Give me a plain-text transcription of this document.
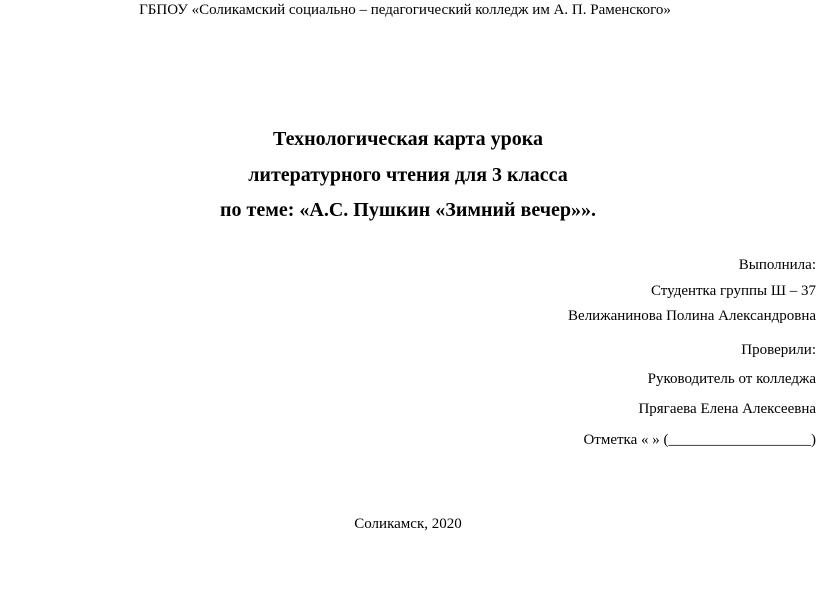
ГБПОУ «Соликамский социально – педагогический колледж им А. П. Раменского»
Технологическая карта урока
литературного чтения для 3 класса
по теме: «А.С. Пушкин «Зимний вечер»».
Выполнила:
Студентка группы Ш – 37
Велижанинова Полина Александровна
Проверили:
Руководитель от колледжа
Прягаева Елена Алексеевна
Отметка « » (___________________)
Соликамск, 2020
